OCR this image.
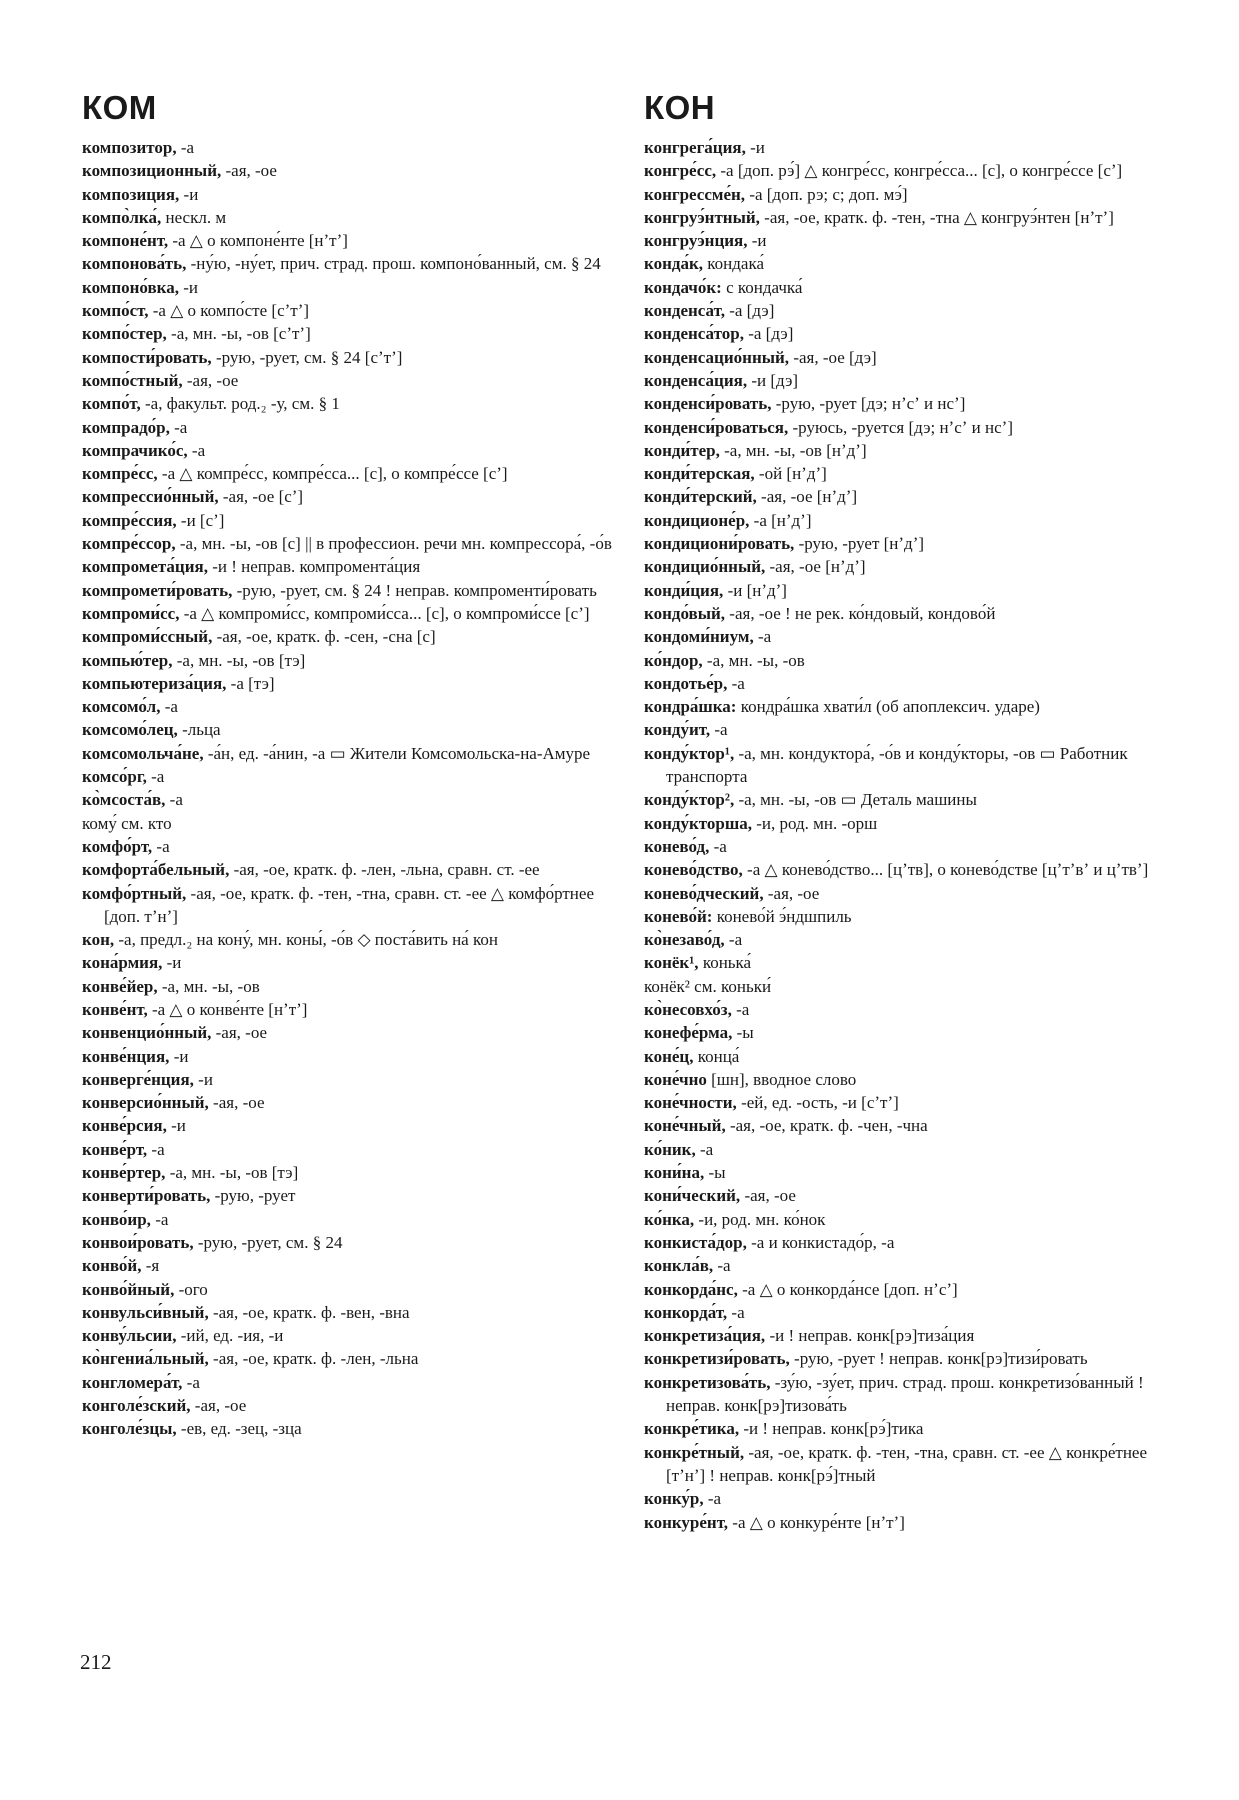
КОМ

композитор, -а

композиционный, -ая, -ое

композиция, -и

компо̀лка́, нескл. м

компоне́нт, -а △ о компоне́нте [нʼтʼ]

компонова́ть, -ну́ю, -ну́ет, прич. страд. прош. компоно́ванный, см. § 24

компоно́вка, -и

компо́ст, -а △ о компо́сте [сʼтʼ]

компо́стер, -а, мн. -ы, -ов [сʼтʼ]

компости́ровать, -рую, -рует, см. § 24 [сʼтʼ]

компо́стный, -ая, -ое

компо́т, -а, факульт. род.₂ -у, см. § 1

компрадо́р, -а

компрачико́с, -а

компре́сс, -а △ компре́сс, компре́сса... [с], о компре́ссе [сʼ]

компрессио́нный, -ая, -ое [сʼ]

компре́ссия, -и [сʼ]

компре́ссор, -а, мн. -ы, -ов [с] || в профессион. речи мн. компрессора́, -о́в

компромета́ция, -и ! неправ. компромента́ция

компромети́ровать, -рую, -рует, см. § 24 ! неправ. компроменти́ровать

компроми́сс, -а △ компроми́сс, компроми́сса... [с], о компроми́ссе [сʼ]

компроми́ссный, -ая, -ое, кратк. ф. -сен, -сна [с]

компью́тер, -а, мн. -ы, -ов [тэ]

компьютериза́ция, -а [тэ]

комсомо́л, -а

комсомо́лец, -льца

комсомольча́не, -а́н, ед. -а́нин, -а ▭ Жители Комсомольска-на-Амуре

комсо́рг, -а

ко̀мсоста́в, -а

кому́ см. кто

комфо́рт, -а

комфорта́бельный, -ая, -ое, кратк. ф. -лен, -льна, сравн. ст. -ее

комфо́ртный, -ая, -ое, кратк. ф. -тен, -тна, сравн. ст. -ее △ комфо́ртнее [доп. тʼнʼ]

кон, -а, предл.₂ на кону́, мн. коны́, -о́в ◇ поста́вить на́ кон

кона́рмия, -и

конве́йер, -а, мн. -ы, -ов

конве́нт, -а △ о конве́нте [нʼтʼ]

конвенцио́нный, -ая, -ое

конве́нция, -и

конверге́нция, -и

конверсио́нный, -ая, -ое

конве́рсия, -и

конве́рт, -а

конве́ртер, -а, мн. -ы, -ов [тэ]

конверти́ровать, -рую, -рует

конво́ир, -а

конвои́ровать, -рую, -рует, см. § 24

конво́й, -я

конво́йный, -ого

конвульси́вный, -ая, -ое, кратк. ф. -вен, -вна

конву́льсии, -ий, ед. -ия, -и

ко̀нгениа́льный, -ая, -ое, кратк. ф. -лен, -льна

конгломера́т, -а

конголе́зский, -ая, -ое

конголе́зцы, -ев, ед. -зец, -зца

КОН

конгрега́ция, -и

конгре́сс, -а [доп. рэ́] △ конгре́сс, конгре́сса... [с], о конгре́ссе [сʼ]

конгрессме́н, -а [доп. рэ; с; доп. мэ́]

конгруэ́нтный, -ая, -ое, кратк. ф. -тен, -тна △ конгруэ́нтен [нʼтʼ]

конгруэ́нция, -и

конда́к, кондака́

кондачо́к: с кондачка́

конденса́т, -а [дэ]

конденса́тор, -а [дэ]

конденсацио́нный, -ая, -ое [дэ]

конденса́ция, -и [дэ]

конденси́ровать, -рую, -рует [дэ; нʼсʼ и нсʼ]

конденси́роваться, -руюсь, -руется [дэ; нʼсʼ и нсʼ]

конди́тер, -а, мн. -ы, -ов [нʼдʼ]

конди́терская, -ой [нʼдʼ]

конди́терский, -ая, -ое [нʼдʼ]

кондиционе́р, -а [нʼдʼ]

кондициони́ровать, -рую, -рует [нʼдʼ]

кондицио́нный, -ая, -ое [нʼдʼ]

конди́ция, -и [нʼдʼ]

кондо́вый, -ая, -ое ! не рек. ко́ндовый, кондово́й

кондоми́ниум, -а

ко́ндор, -а, мн. -ы, -ов

кондотье́р, -а

кондра́шка: кондра́шка хвати́л (об апоплексич. ударе)

конду́ит, -а

конду́ктор¹, -а, мн. кондуктора́, -о́в и конду́кторы, -ов ▭ Работник транспорта

конду́ктор², -а, мн. -ы, -ов ▭ Деталь машины

конду́кторша, -и, род. мн. -орш

конево́д, -а

конево́дство, -а △ конево́дство... [цʼтв], о конево́дстве [цʼтʼвʼ и цʼтвʼ]

конево́дческий, -ая, -ое

конево́й: конево́й э́ндшпиль

ко̀незаво́д, -а

конёк¹, конька́

конёк² см. коньки́

ко̀несовхо́з, -а

конефе́рма, -ы

коне́ц, конца́

коне́чно [шн], вводное слово

коне́чности, -ей, ед. -ость, -и [сʼтʼ]

коне́чный, -ая, -ое, кратк. ф. -чен, -чна

ко́ник, -а

кони́на, -ы

кони́ческий, -ая, -ое

ко́нка, -и, род. мн. ко́нок

конкиста́дор, -а и конкистадо́р, -а

конкла́в, -а

конкорда́нс, -а △ о конкорда́нсе [доп. нʼсʼ]

конкорда́т, -а

конкретиза́ция, -и ! неправ. конк[рэ]тиза́ция

конкретизи́ровать, -рую, -рует ! неправ. конк[рэ]тизи́ровать

конкретизова́ть, -зу́ю, -зу́ет, прич. страд. прош. конкретизо́ванный ! неправ. конк[рэ]тизова́ть

конкре́тика, -и ! неправ. конк[рэ́]тика

конкре́тный, -ая, -ое, кратк. ф. -тен, -тна, сравн. ст. -ее △ конкре́тнее [тʼнʼ] ! неправ. конк[рэ́]тный

конку́р, -а

конкуре́нт, -а △ о конкуре́нте [нʼтʼ]

212
